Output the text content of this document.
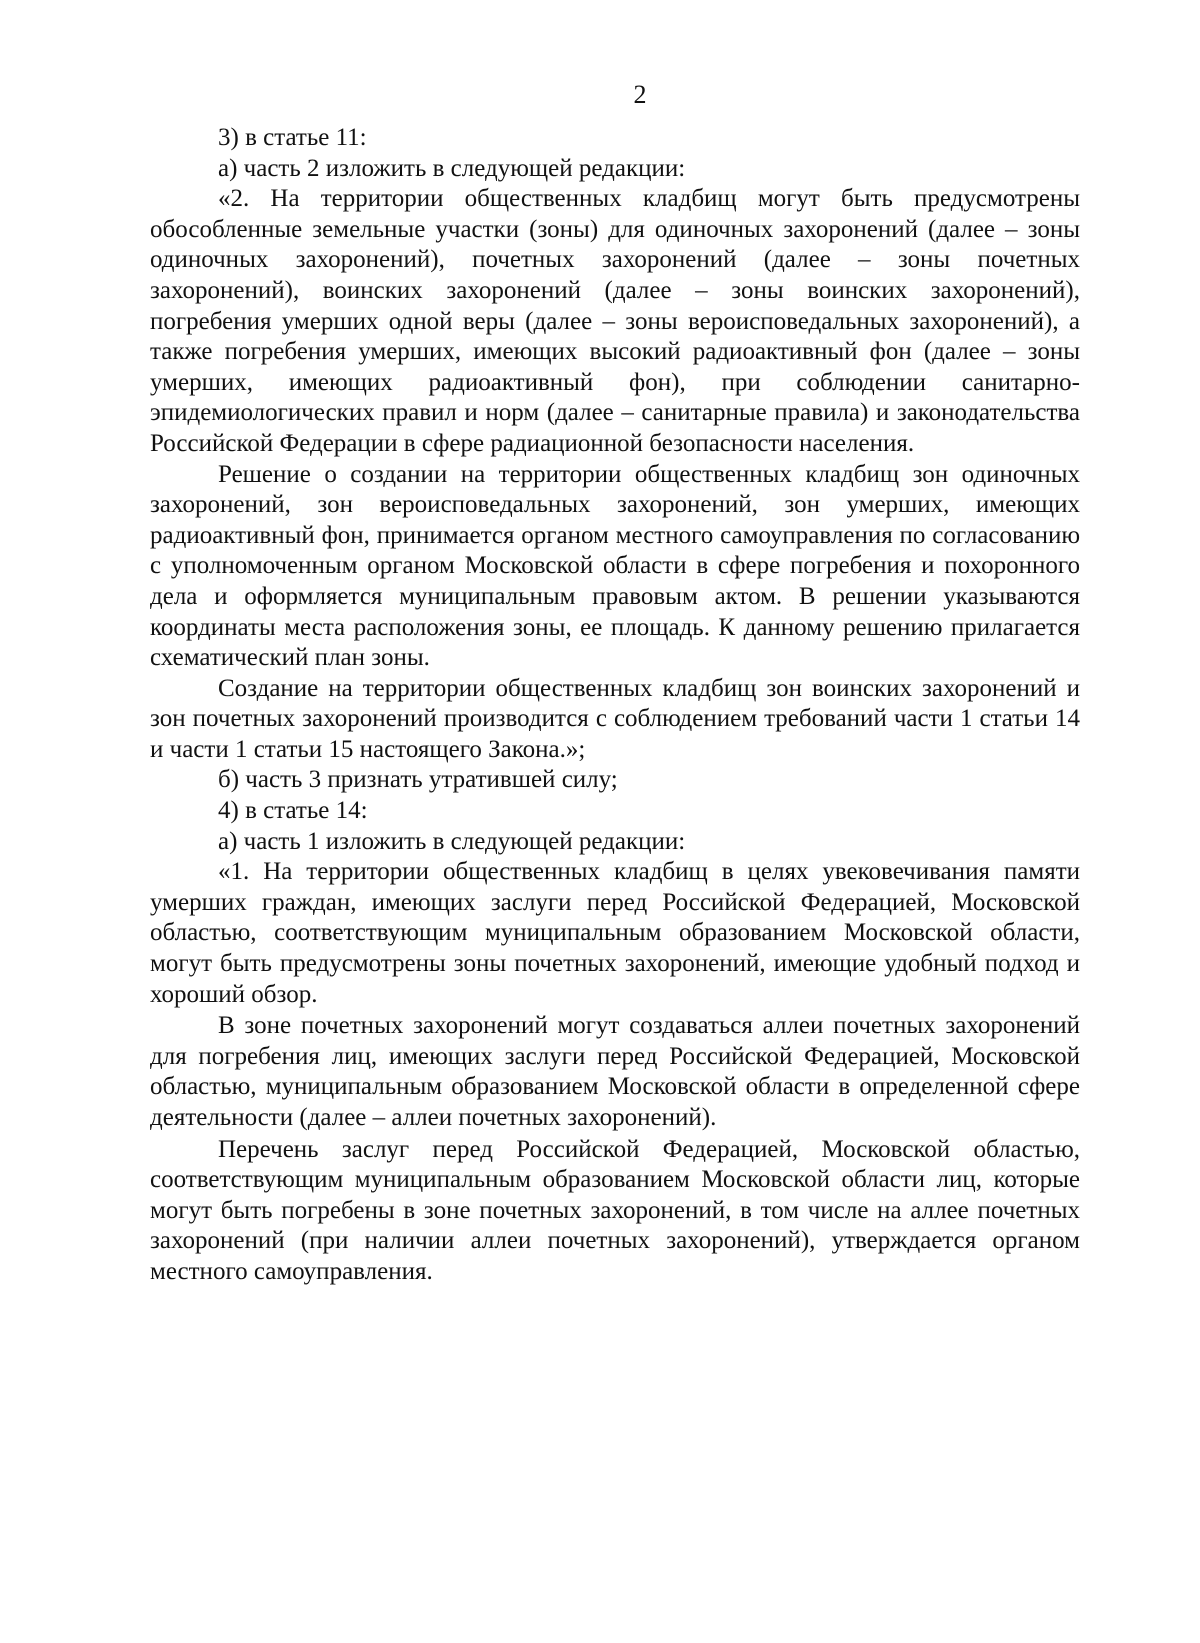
2

3) в статье 11:

а) часть 2 изложить в следующей редакции:

«2. На территории общественных кладбищ могут быть предусмотрены обособленные земельные участки (зоны) для одиночных захоронений (далее – зоны одиночных захоронений), почетных захоронений (далее – зоны почетных захоронений), воинских захоронений (далее – зоны воинских захоронений), погребения умерших одной веры (далее – зоны вероисповедальных захоронений), а также погребения умерших, имеющих высокий радиоактивный фон (далее – зоны умерших, имеющих радиоактивный фон), при соблюдении санитарно-эпидемиологических правил и норм (далее – санитарные правила) и законодательства Российской Федерации в сфере радиационной безопасности населения.

Решение о создании на территории общественных кладбищ зон одиночных захоронений, зон вероисповедальных захоронений, зон умерших, имеющих радиоактивный фон, принимается органом местного самоуправления по согласованию с уполномоченным органом Московской области в сфере погребения и похоронного дела и оформляется муниципальным правовым актом. В решении указываются координаты места расположения зоны, ее площадь. К данному решению прилагается схематический план зоны.

Создание на территории общественных кладбищ зон воинских захоронений и зон почетных захоронений производится с соблюдением требований части 1 статьи 14 и части 1 статьи 15 настоящего Закона.»;

б) часть 3 признать утратившей силу;

4) в статье 14:

а) часть 1 изложить в следующей редакции:

«1. На территории общественных кладбищ в целях увековечивания памяти умерших граждан, имеющих заслуги перед Российской Федерацией, Московской областью, соответствующим муниципальным образованием Московской области, могут быть предусмотрены зоны почетных захоронений, имеющие удобный подход и хороший обзор.

В зоне почетных захоронений могут создаваться аллеи почетных захоронений для погребения лиц, имеющих заслуги перед Российской Федерацией, Московской областью, муниципальным образованием Московской области в определенной сфере деятельности (далее – аллеи почетных захоронений).

Перечень заслуг перед Российской Федерацией, Московской областью, соответствующим муниципальным образованием Московской области лиц, которые могут быть погребены в зоне почетных захоронений, в том числе на аллее почетных захоронений (при наличии аллеи почетных захоронений), утверждается органом местного самоуправления.
